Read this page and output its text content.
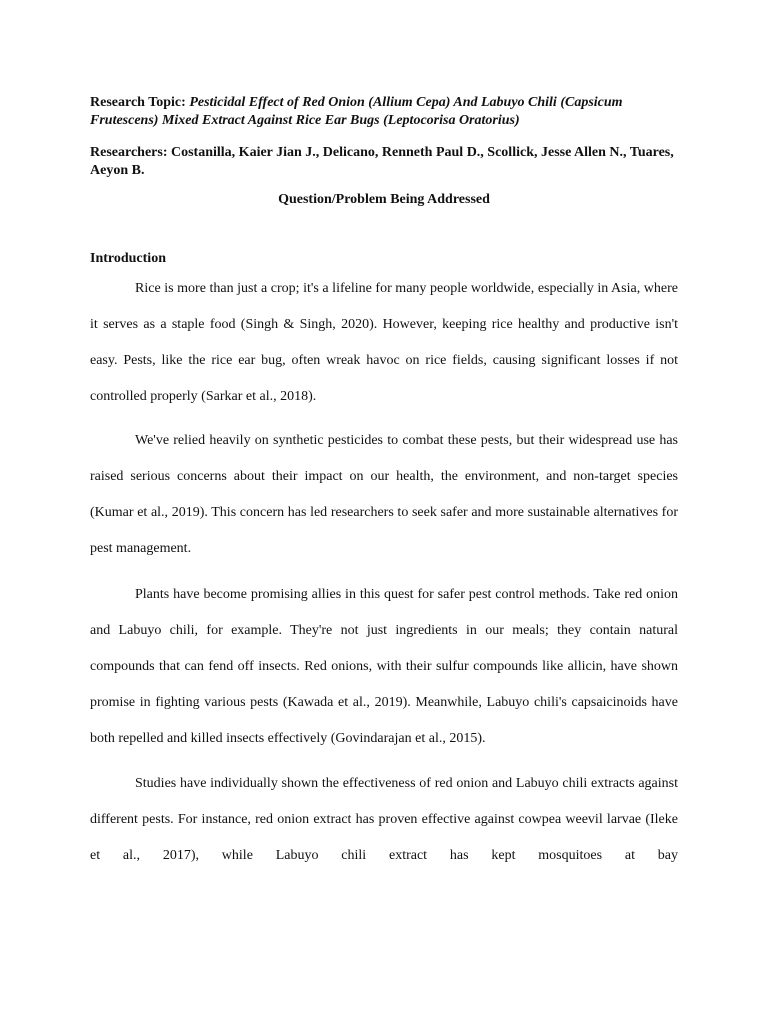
Research Topic: Pesticidal Effect of Red Onion (Allium Cepa) And Labuyo Chili (Capsicum Frutescens) Mixed Extract Against Rice Ear Bugs (Leptocorisa Oratorius)
Researchers: Costanilla, Kaier Jian J., Delicano, Renneth Paul D., Scollick, Jesse Allen N., Tuares, Aeyon B.
Question/Problem Being Addressed
Introduction

Rice is more than just a crop; it's a lifeline for many people worldwide, especially in Asia, where it serves as a staple food (Singh & Singh, 2020). However, keeping rice healthy and productive isn't easy. Pests, like the rice ear bug, often wreak havoc on rice fields, causing significant losses if not controlled properly (Sarkar et al., 2018).

We've relied heavily on synthetic pesticides to combat these pests, but their widespread use has raised serious concerns about their impact on our health, the environment, and non-target species (Kumar et al., 2019). This concern has led researchers to seek safer and more sustainable alternatives for pest management.

Plants have become promising allies in this quest for safer pest control methods. Take red onion and Labuyo chili, for example. They're not just ingredients in our meals; they contain natural compounds that can fend off insects. Red onions, with their sulfur compounds like allicin, have shown promise in fighting various pests (Kawada et al., 2019). Meanwhile, Labuyo chili's capsaicinoids have both repelled and killed insects effectively (Govindarajan et al., 2015).

Studies have individually shown the effectiveness of red onion and Labuyo chili extracts against different pests. For instance, red onion extract has proven effective against cowpea weevil larvae (Ileke et al., 2017), while Labuyo chili extract has kept mosquitoes at bay
